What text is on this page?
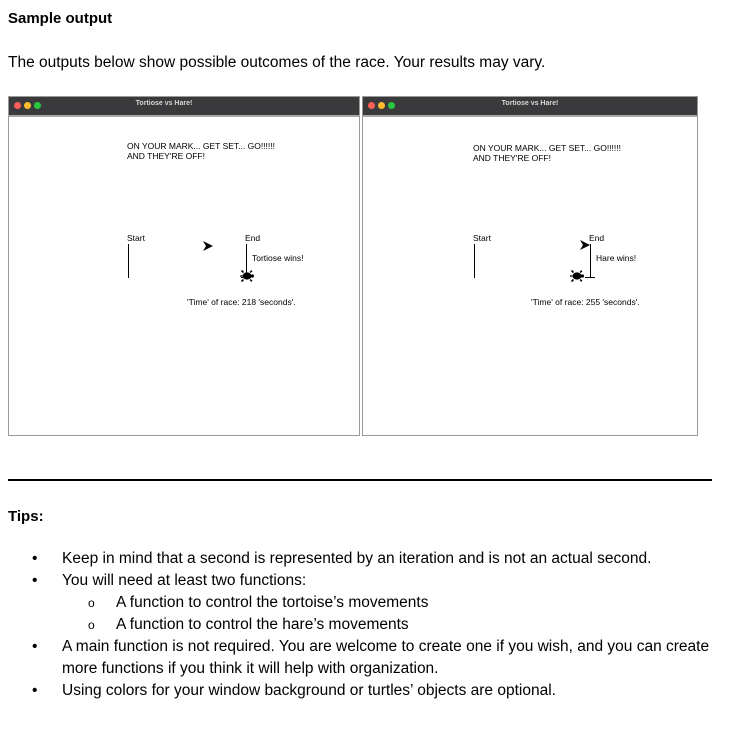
Sample output
The outputs below show possible outcomes of the race. Your results may vary.
Tortiose vs Hare!
ON YOUR MARK... GET SET... GO!!!!!!
AND THEY'RE OFF!
Start	End
Tortiose wins!
'Time' of race: 218 'seconds'.
Tortiose vs Hare!
ON YOUR MARK... GET SET... GO!!!!!!
AND THEY'RE OFF!
Start	End
Hare wins!
'Time' of race: 255 'seconds'.
Tips:
• Keep in mind that a second is represented by an iteration and is not an actual second.
• You will need at least two functions:
o A function to control the tortoise’s movements
o A function to control the hare’s movements
• A main function is not required. You are welcome to create one if you wish, and you can create more functions if you think it will help with organization.
• Using colors for your window background or turtles’ objects are optional.
